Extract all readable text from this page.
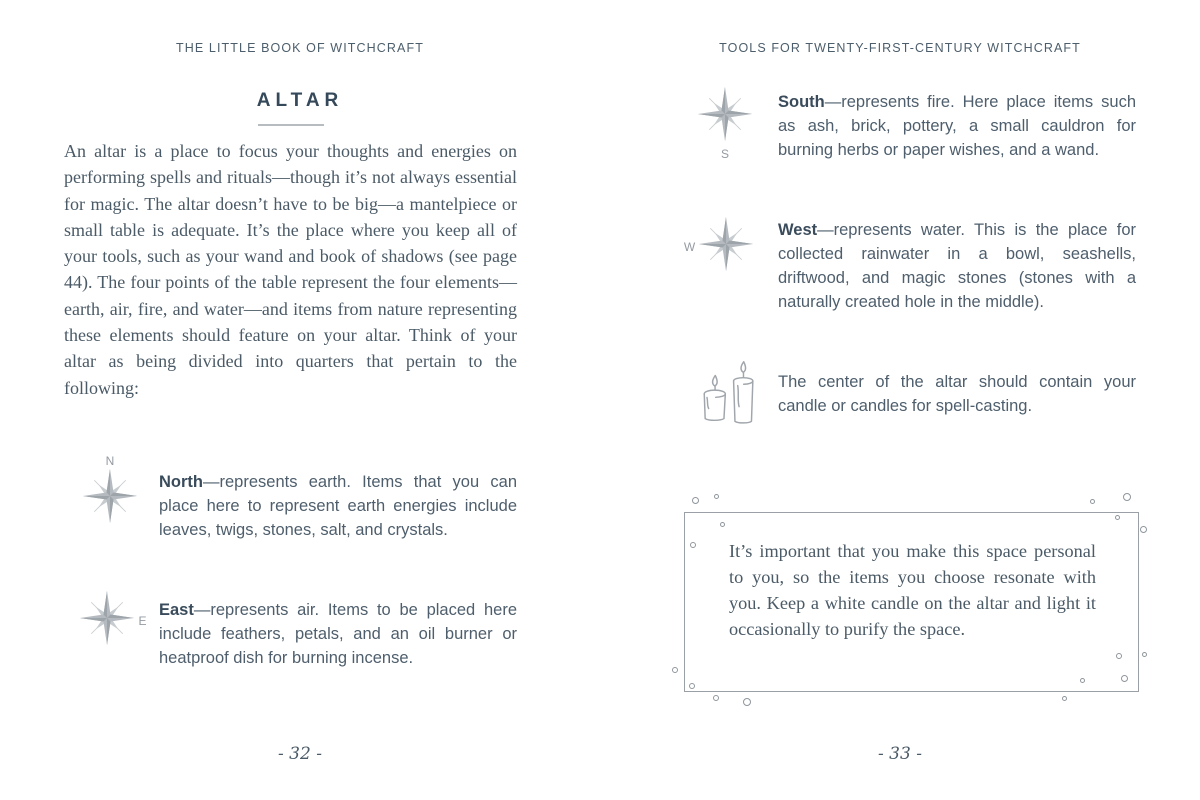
THE LITTLE BOOK OF WITCHCRAFT
ALTAR

An altar is a place to focus your thoughts and energies on performing spells and rituals—though it’s not always essential for magic. The altar doesn’t have to be big—a mantelpiece or small table is adequate. It’s the place where you keep all of your tools, such as your wand and book of shadows (see page 44). The four points of the table represent the four elements—earth, air, fire, and water—and items from nature representing these elements should feature on your altar. Think of your altar as being divided into quarters that pertain to the following:

N

North—represents earth. Items that you can place here to represent earth energies include leaves, twigs, stones, salt, and crystals.

E

East—represents air. Items to be placed here include feathers, petals, and an oil burner or heatproof dish for burning incense.

- 32 -
TOOLS FOR TWENTY-FIRST-CENTURY WITCHCRAFT
S

South—represents fire. Here place items such as ash, brick, pottery, a small cauldron for burning herbs or paper wishes, and a wand.

W

West—represents water. This is the place for collected rainwater in a bowl, seashells, driftwood, and magic stones (stones with a naturally created hole in the middle).

The center of the altar should contain your candle or candles for spell-casting.

It’s important that you make this space personal to you, so the items you choose resonate with you. Keep a white candle on the altar and light it occasionally to purify the space.

- 33 -
